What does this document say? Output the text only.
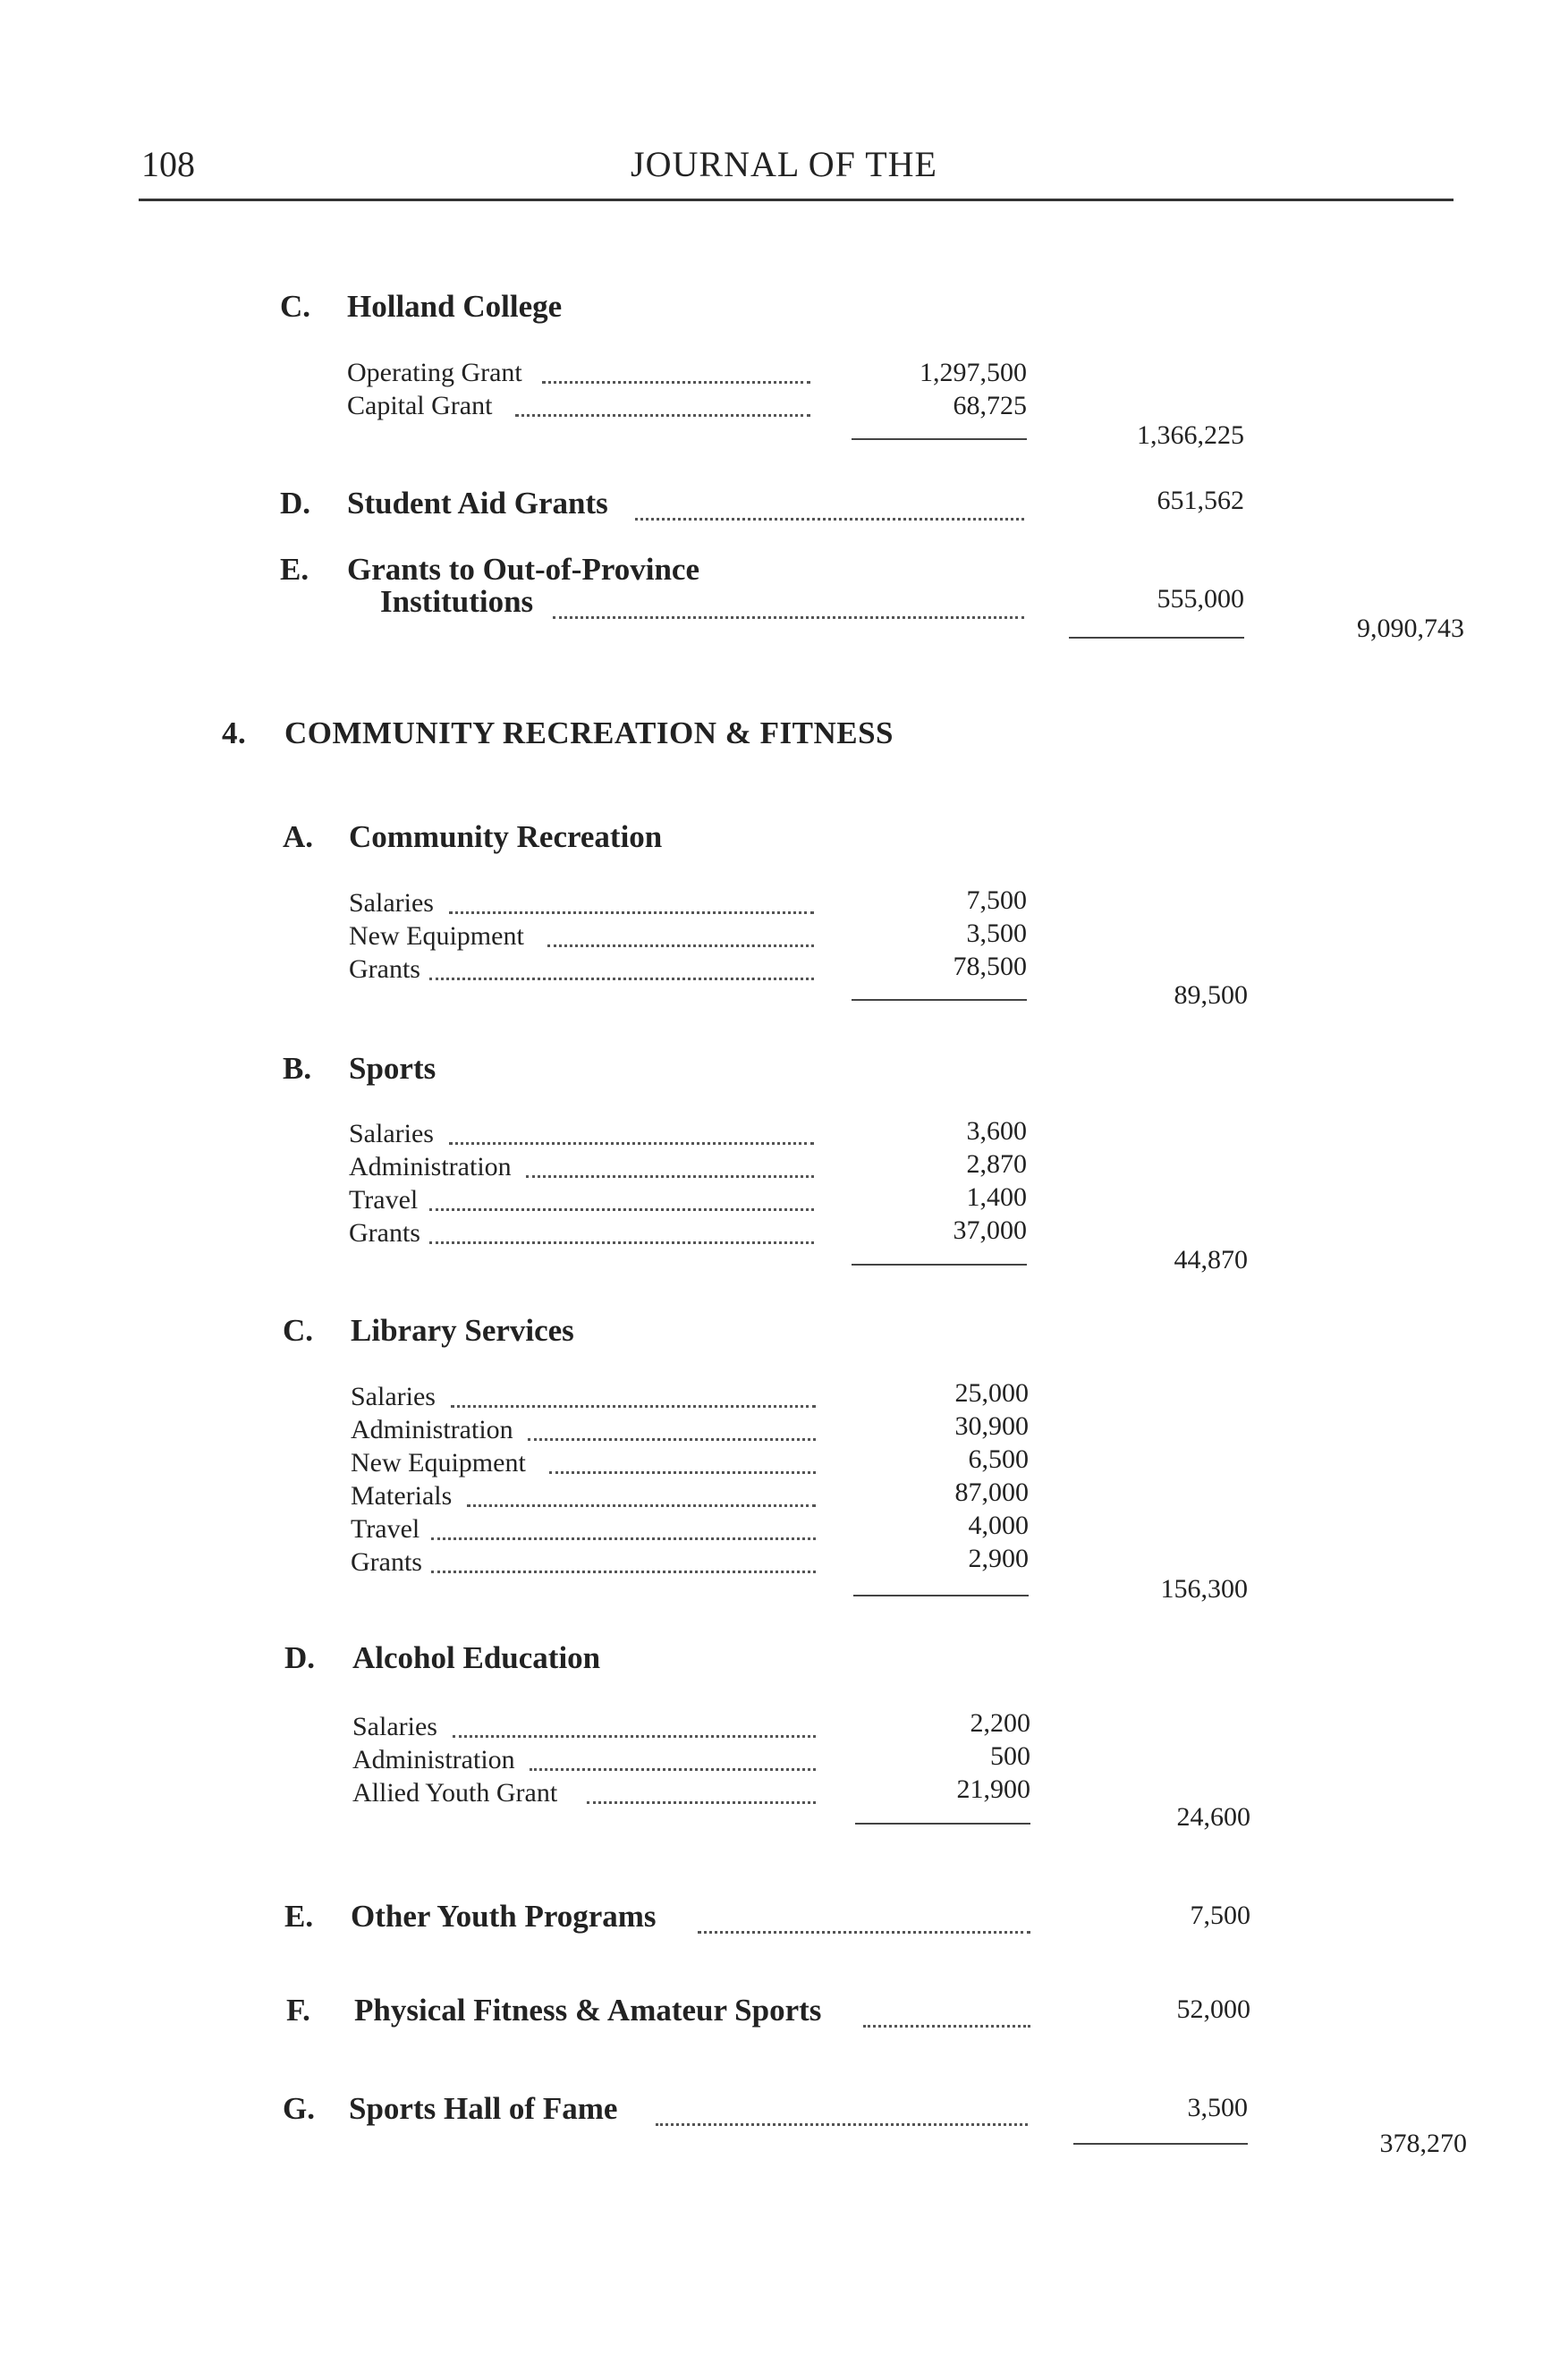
108	JOURNAL OF THE
C. Holland College
Operating Grant	1,297,500
Capital Grant	68,725
1,366,225
D. Student Aid Grants	651,562
E. Grants to Out-of-Province
Institutions	555,000
9,090,743
4. COMMUNITY RECREATION & FITNESS
A. Community Recreation
Salaries	7,500
New Equipment	3,500
Grants	78,500
89,500
B. Sports
Salaries	3,600
Administration	2,870
Travel	1,400
Grants	37,000
44,870
C. Library Services
Salaries	25,000
Administration	30,900
New Equipment	6,500
Materials	87,000
Travel	4,000
Grants	2,900
156,300
D. Alcohol Education
Salaries	2,200
Administration	500
Allied Youth Grant	21,900
24,600
E. Other Youth Programs	7,500
F. Physical Fitness & Amateur Sports	52,000
G. Sports Hall of Fame	3,500
378,270
